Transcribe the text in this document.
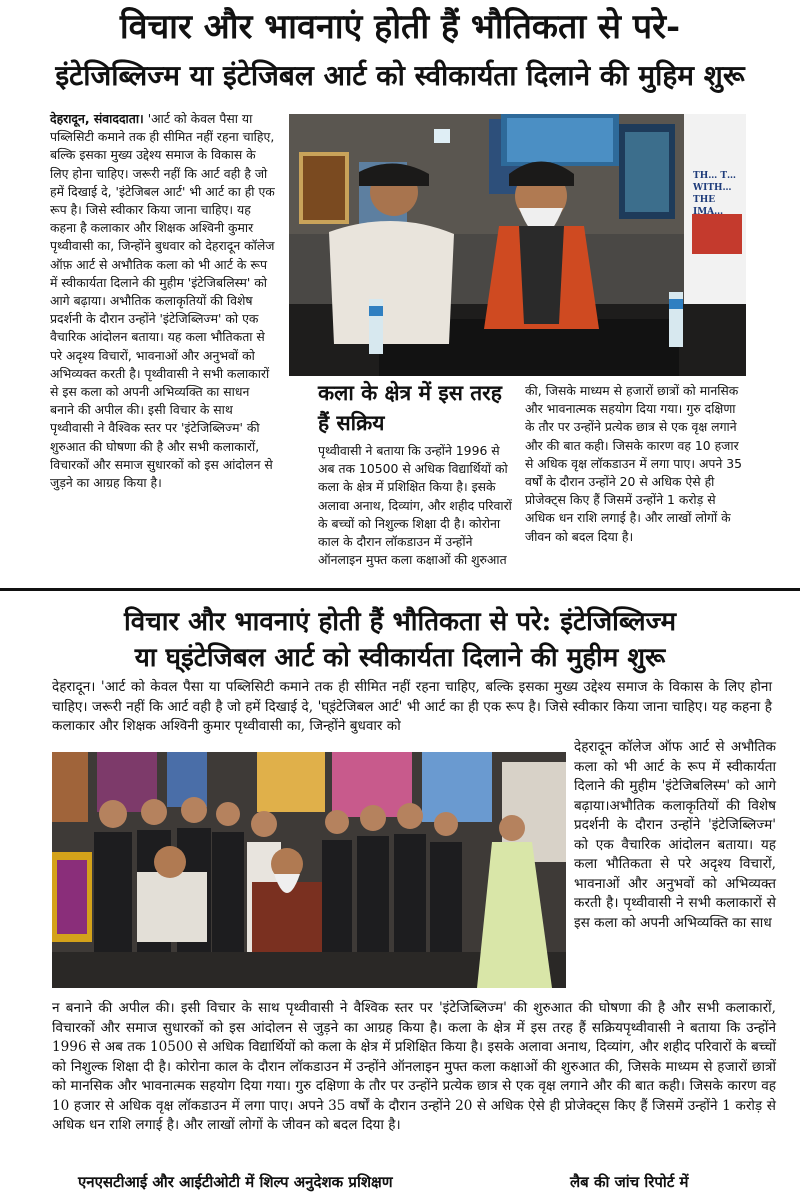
विचार और भावनाएं होती हैं भौतिकता से परे-
इंटेजिब्लिज्म या इंटेजिबल आर्ट को स्वीकार्यता दिलाने की मुहिम शुरू

देहरादून, संवाददाता। 'आर्ट को केवल पैसा या पब्लिसिटी कमाने तक ही सीमित नहीं रहना चाहिए, बल्कि इसका मुख्य उद्देश्य समाज के विकास के लिए होना चाहिए। जरूरी नहीं कि आर्ट वही है जो हमें दिखाई दे, 'इंटेजिबल आर्ट' भी आर्ट का ही एक रूप है। जिसे स्वीकार किया जाना चाहिए। यह कहना है कलाकार और शिक्षक अश्विनी कुमार पृथ्वीवासी का, जिन्होंने बुधवार को देहरादून कॉलेज ऑफ़ आर्ट से अभौतिक कला को भी आर्ट के रूप में स्वीकार्यता दिलाने की मुहीम 'इंटेजिबलिस्म' को आगे बढ़ाया। अभौतिक कलाकृतियों की विशेष प्रदर्शनी के दौरान उन्होंने 'इंटेजिब्लिज्म' को एक वैचारिक आंदोलन बताया। यह कला भौतिकता से परे अदृश्य विचारों, भावनाओं और अनुभवों को अभिव्यक्त करती है। पृथ्वीवासी ने सभी कलाकारों से इस कला को अपनी अभिव्यक्ति का साधन बनाने की अपील की। इसी विचार के साथ पृथ्वीवासी ने वैश्विक स्तर पर 'इंटेजिब्लिज्म' की शुरुआत की घोषणा की है और सभी कलाकारों, विचारकों और समाज सुधारकों को इस आंदोलन से जुड़ने का आग्रह किया है।

TH… T… WITH… THE IMA…
कला के क्षेत्र में इस तरह हैं सक्रिय

पृथ्वीवासी ने बताया कि उन्होंने 1996 से अब तक 10500 से अधिक विद्यार्थियों को कला के क्षेत्र में प्रशिक्षित किया है। इसके अलावा अनाथ, दिव्यांग, और शहीद परिवारों के बच्चों को निशुल्क शिक्षा दी है। कोरोना काल के दौरान लॉकडाउन में उन्होंने ऑनलाइन मुफ्त कला कक्षाओं की शुरुआत

की, जिसके माध्यम से हजारों छात्रों को मानसिक और भावनात्मक सहयोग दिया गया। गुरु दक्षिणा के तौर पर उन्होंने प्रत्येक छात्र से एक वृक्ष लगाने और की बात कही। जिसके कारण वह 10 हजार से अधिक वृक्ष लॉकडाउन में लगा पाए। अपने 35 वर्षों के दौरान उन्होंने 20 से अधिक ऐसे ही प्रोजेक्ट्स किए हैं जिसमें उन्होंने 1 करोड़ से अधिक धन राशि लगाई है। और लाखों लोगों के जीवन को बदल दिया है।

विचार और भावनाएं होती हैं भौतिकता से परे: इंटेजिब्लिज्म
या घ्इंटेजिबल आर्ट को स्वीकार्यता दिलाने की मुहीम शुरू

देहरादून। 'आर्ट को केवल पैसा या पब्लिसिटी कमाने तक ही सीमित नहीं रहना चाहिए, बल्कि इसका मुख्य उद्देश्य समाज के विकास के लिए होना चाहिए। जरूरी नहीं कि आर्ट वही है जो हमें दिखाई दे, 'घ्इंटेजिबल आर्ट' भी आर्ट का ही एक रूप है। जिसे स्वीकार किया जाना चाहिए। यह कहना है कलाकार और शिक्षक अश्विनी कुमार पृथ्वीवासी का, जिन्होंने बुधवार को

देहरादून कॉलेज ऑफ आर्ट से अभौतिक कला को भी आर्ट के रूप में स्वीकार्यता दिलाने की मुहीम 'इंटेजिबलिस्म' को आगे बढ़ाया।अभौतिक कलाकृतियों की विशेष प्रदर्शनी के दौरान उन्होंने 'इंटेजिब्लिज्म' को एक वैचारिक आंदोलन बताया। यह कला भौतिकता से परे अदृश्य विचारों, भावनाओं और अनुभवों को अभिव्यक्त करती है। पृथ्वीवासी ने सभी कलाकारों से इस कला को अपनी अभिव्यक्ति का साध

न बनाने की अपील की। इसी विचार के साथ पृथ्वीवासी ने वैश्विक स्तर पर 'इंटेजिब्लिज्म' की शुरुआत की घोषणा की है और सभी कलाकारों, विचारकों और समाज सुधारकों को इस आंदोलन से जुड़ने का आग्रह किया है। कला के क्षेत्र में इस तरह हैं सक्रियपृथ्वीवासी ने बताया कि उन्होंने 1996 से अब तक 10500 से अधिक विद्यार्थियों को कला के क्षेत्र में प्रशिक्षित किया है। इसके अलावा अनाथ, दिव्यांग, और शहीद परिवारों के बच्चों को निशुल्क शिक्षा दी है। कोरोना काल के दौरान लॉकडाउन में उन्होंने ऑनलाइन मुफ्त कला कक्षाओं की शुरुआत की, जिसके माध्यम से हजारों छात्रों को मानसिक और भावनात्मक सहयोग दिया गया। गुरु दक्षिणा के तौर पर उन्होंने प्रत्येक छात्र से एक वृक्ष लगाने और की बात कही। जिसके कारण वह 10 हजार से अधिक वृक्ष लॉकडाउन में लगा पाए। अपने 35 वर्षों के दौरान उन्होंने 20 से अधिक ऐसे ही प्रोजेक्ट्स किए हैं जिसमें उन्होंने 1 करोड़ से अधिक धन राशि लगाई है। और लाखों लोगों के जीवन को बदल दिया है।

एनएसटीआई और आईटीओटी में शिल्प अनुदेशक प्रशिक्षण	लैब की जांच रिपोर्ट में
